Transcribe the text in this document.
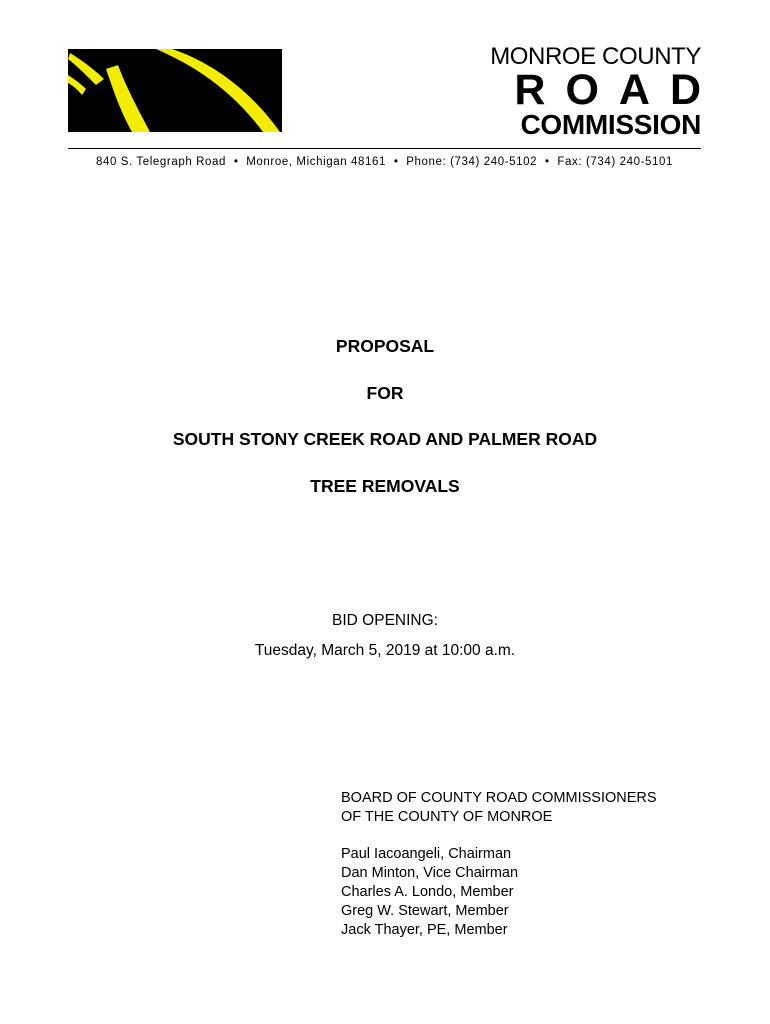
MONROE COUNTY
ROAD
COMMISSION
840 S. Telegraph Road • Monroe, Michigan 48161 • Phone: (734) 240-5102 • Fax: (734) 240-5101
PROPOSAL
FOR
SOUTH STONY CREEK ROAD AND PALMER ROAD
TREE REMOVALS
BID OPENING:
Tuesday, March 5, 2019 at 10:00 a.m.
BOARD OF COUNTY ROAD COMMISSIONERS
OF THE COUNTY OF MONROE
Paul Iacoangeli, Chairman
Dan Minton, Vice Chairman
Charles A. Londo, Member
Greg W. Stewart, Member
Jack Thayer, PE, Member
